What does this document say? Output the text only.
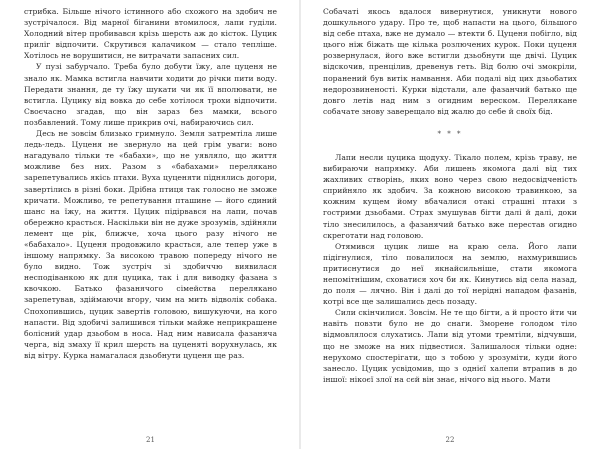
стрибка. Більше нічого істинного або схожого на здобич не зустрічалося. Від марної біганини втомилося, лапи гуділи. Холодний вітер пробивався крізь шерсть аж до кісток. Цуцик приліг відпочити. Скрутився калачиком — стало тепліше. Хотілось не ворушитися, не витрачати запасних сил.

У пузі забурчало. Треба було добути їжу, але цуценя не знало як. Мамка встигла навчити ходити до річки пити воду. Передати знання, де ту їжу шукати чи як її вполювати, не встигла. Цуцику від вовка до себе хотілося трохи відпочити. Своєчасно згадав, що він зараз без мамки, всього позбавлений. Тому лише прикрив очі, набираючись сил.

Десь не зовсім близько гримнуло. Земля затремтіла лише ледь-ледь. Цуценя не звернуло на цей грім уваги: воно нагадувало тільки те «бабахи», що не уявляло, що життя можливе без них. Разом з «бабахами» переляканo зарепетувались якісь птахи. Вуха цуценяти піднялись догори, завертілись в різні боки. Дрібна птиця так голосно не зможе кричати. Можливо, те репетування пташине — його єдиний шанс на їжу, на життя. Цуцик підірвався на лапи, почав обережно красться. Наскільки він не дуже зрозумів, здійняли лемент ще рік, ближче, хоча цього разу нічого не «бабахало». Цуценя продовжило красться, але тепер уже в іншому напрямку. За високою травою попереду нічого не було видно. Тож зустріч зі здобиччю виявилася несподіванкою як для цуцика, так і для виводку фазана з квочкою. Батько фазанячого сімейства переляканo зарепетував, здіймаючи вгору, чим на мить відволік собака. Спохопившись, цуцик завертів головою, вишукуючи, на кого напасти. Від здобичі залишився тільки майже неприкрашене болісний удар дзьобом в носа. Над ним нависала фазаняча черга, від змаху її крил шерсть на цуценяті ворухнулась, як від вітру. Курка намагалася дзьобнути цуценя ще раз.

21

Собачаті якось вдалося вивернутися, уникнути нового дошкульного удару. Про те, щоб напасти на цього, більшого від себе птаха, вже не думало — втекти б. Цуценя побігло, від цього ніж біжать ще кілька розлючених курок. Поки цуценя розвернулася, його вже встигли дзьобнути ще двічі. Цуцик відскочив, пренцілив, древенув геть. Від болю очі змокріли, поранений був витік намвання. Аби подалі від цих дзьобатих недорозвиненості. Курки відстали, але фазанчий батько ще довго летів над ним з огидним вереском. Переляканe собачате знову заверещало від жалю до себе й своїх бід.

* * *

Лапи несли цуцика щодуху. Тікало полем, крізь траву, не вибираючи напрямку. Аби лишень якомога далі від тих жахливих створінь, яких воно через свою недосвідченість сприйняло як здобич. За кожною високою травинкою, за кожним кущем йому вбачалися отакі страшні птахи з гострими дзьобами. Страх змушував бігти далі й далі, доки тіло знесилилось, а фазанячий батько вже перестав огидно скреготати над головою.

Отямився цуцик лише на краю села. Його лапи підігнулися, тіло повалилося на землю, нахмурившись притиснутися до неї якнайсильніше, стати якомога непомітнішим, сховатися хоч би як. Кинутись від села назад, до поля — лячно. Він і далі до тої нерідні нападом фазанів, котрі все ще залишались десь позаду.

Сили скінчилися. Зовсім. Не те що бігти, а й просто йти чи навіть повзти було не до снаги. Зморене голодом тіло відмовлялося слухатись. Лапи від утоми тремтіли, відчувши, що не зможе на них підвестися. Залишалося тільки одне: нерухомо спостерігати, що з тобою у зрозуміти, куди його занесло. Цуцик усвідомив, що з однієї халепи втрапив в до іншої: нікоєї злої на сєй він знає, нічого від нього. Мати

22
